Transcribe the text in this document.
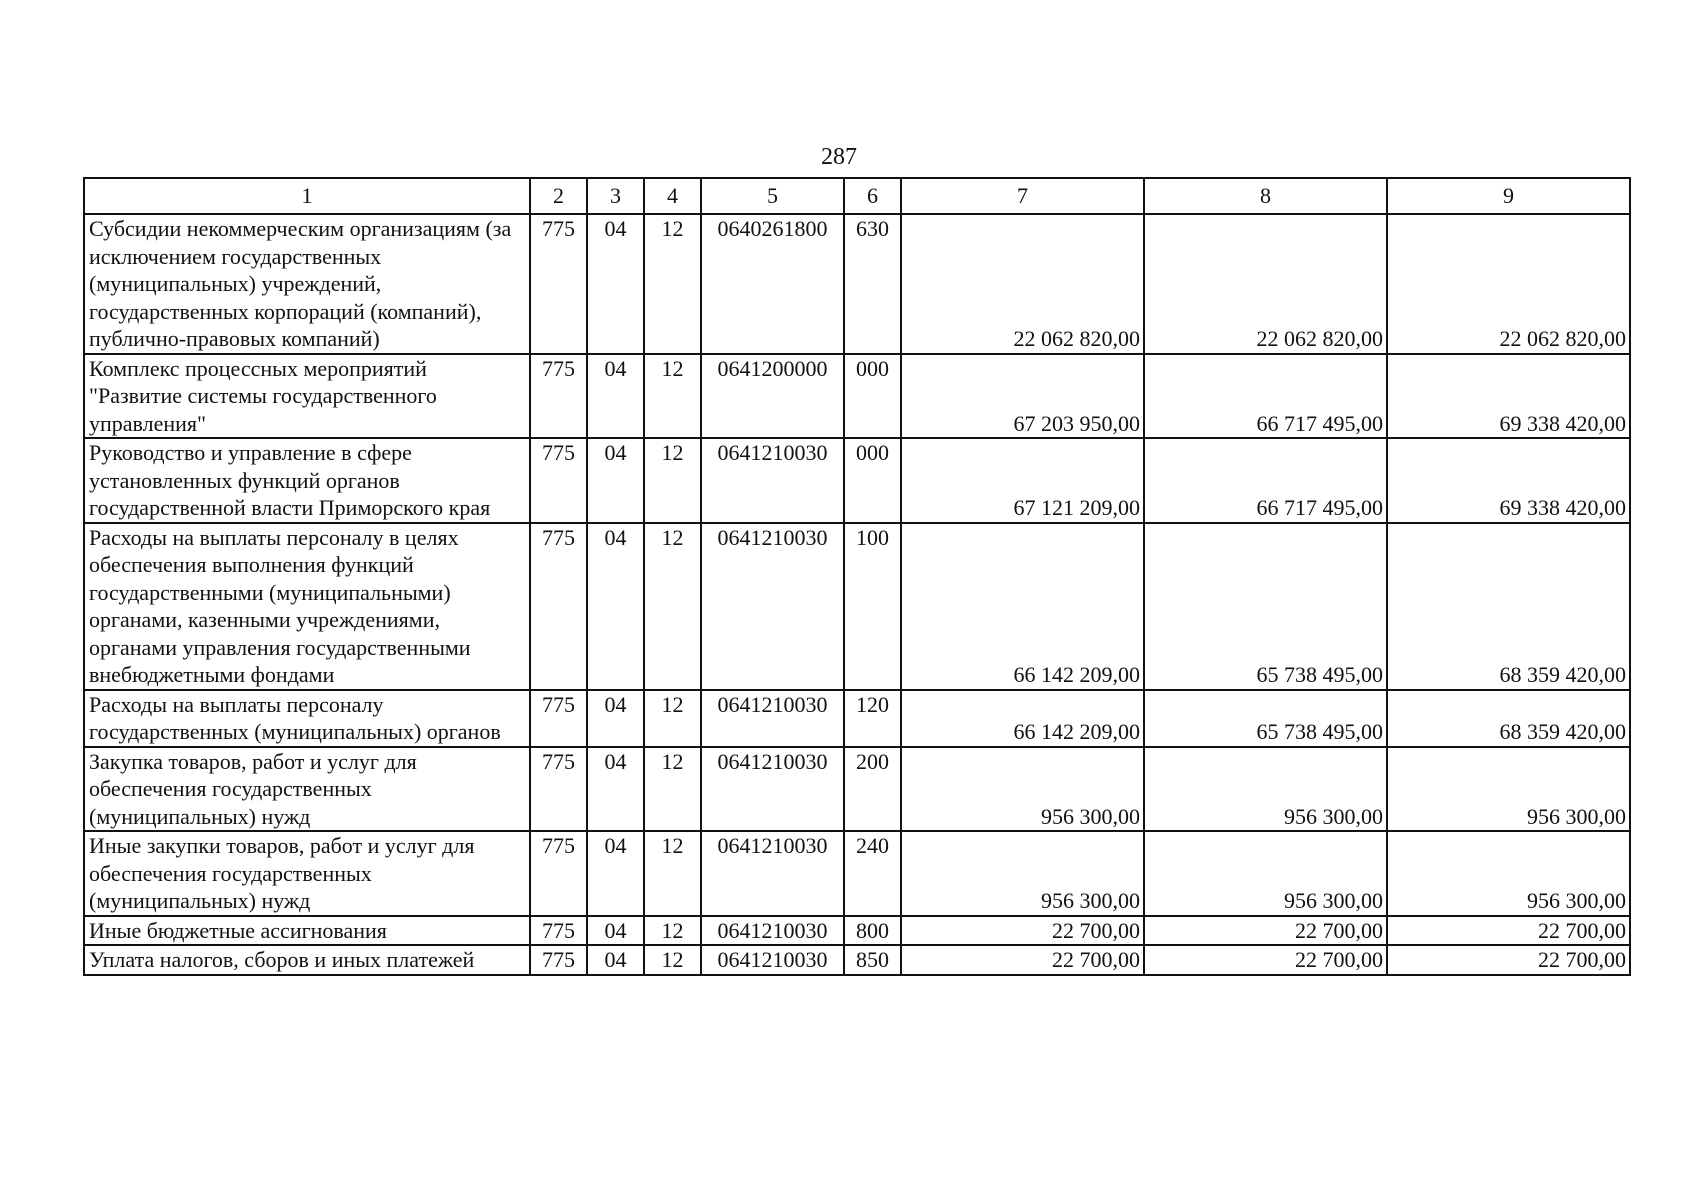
287
1	2	3	4	5	6	7	8	9
Субсидии некоммерческим организациям (за исключением государственных (муниципальных) учреждений, государственных корпораций (компаний), публично-правовых компаний)	775	04	12	0640261800	630	22 062 820,00	22 062 820,00	22 062 820,00
Комплекс процессных мероприятий "Развитие системы государственного управления"	775	04	12	0641200000	000	67 203 950,00	66 717 495,00	69 338 420,00
Руководство и управление в сфере установленных функций органов государственной власти Приморского края	775	04	12	0641210030	000	67 121 209,00	66 717 495,00	69 338 420,00
Расходы на выплаты персоналу в целях обеспечения выполнения функций государственными (муниципальными) органами, казенными учреждениями, органами управления государственными внебюджетными фондами	775	04	12	0641210030	100	66 142 209,00	65 738 495,00	68 359 420,00
Расходы на выплаты персоналу государственных (муниципальных) органов	775	04	12	0641210030	120	66 142 209,00	65 738 495,00	68 359 420,00
Закупка товаров, работ и услуг для обеспечения государственных (муниципальных) нужд	775	04	12	0641210030	200	956 300,00	956 300,00	956 300,00
Иные закупки товаров, работ и услуг для обеспечения государственных (муниципальных) нужд	775	04	12	0641210030	240	956 300,00	956 300,00	956 300,00
Иные бюджетные ассигнования	775	04	12	0641210030	800	22 700,00	22 700,00	22 700,00
Уплата налогов, сборов и иных платежей	775	04	12	0641210030	850	22 700,00	22 700,00	22 700,00
